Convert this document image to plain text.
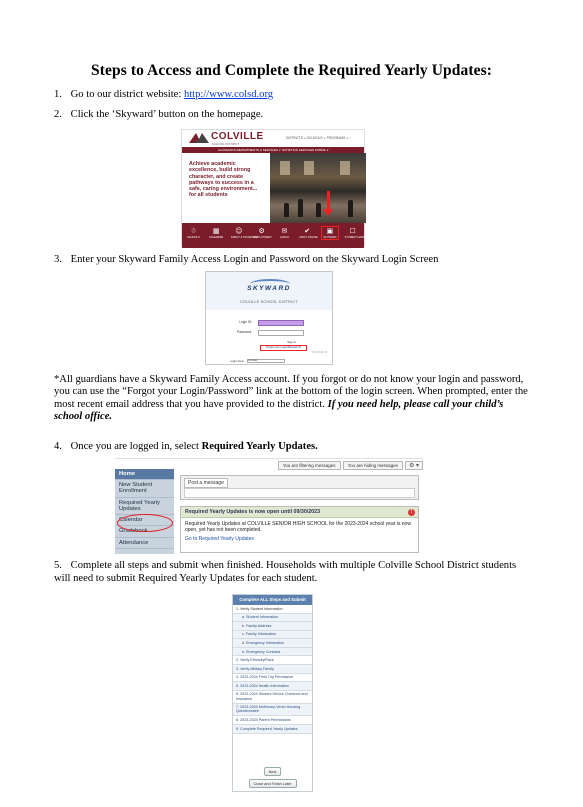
Steps to Access and Complete the Required Yearly Updates:
1. Go to our district website: http://www.colsd.org
2. Click the ‘Skyward’ button on the homepage.
COLVILLE
SCHOOL DISTRICT
DISTRICTS ∨ SCHOOLS ∨ PROGRAMS ∨ ⌕
ACADEMICS DEPARTMENTS & SERVICES ∨ NUTRITION SERVICES FORMS ∨
Achieve academic excellence, build strong character, and create pathways to success in a safe, caring environment... for all students
☃
SCHOOLS
▦
CALENDAR
☺
FAMILY & STUDENTS
⚙
EMPLOYMENT
✉
LUNCH
✔
APPLY ONLINE
▣
SKYWARD
☐
STUDENT HANDBOOK
3. Enter your Skyward Family Access Login and Password on the Skyward Login Screen
SKYWARD
COLVILLE SCHOOL DISTRICT
Login ID:
Password:
Sign In
Forgot your Login/Password?
05.23.06.00.10
Login Area: All Areas
*All guardians have a Skyward Family Access account. If you forgot or do not know your login and password, you can use the “Forgot your Login/Password” link at the bottom of the login screen. When prompted, enter the most recent email address that you have provided to the district. If you need help, please call your child’s school office.
4. Once you are logged in, select Required Yearly Updates.
You are filtering messages	You are hiding messages	⚙ ▾
Home
New Student Enrollment
Required Yearly Updates
Calendar
Gradebook
Attendance
Post a message
Required Yearly Updates is now open until 09/30/2023	!
Required Yearly Updates at COLVILLE SENIOR HIGH SCHOOL for the 2023-2024 school year is now open, yet has not been completed.
Go to Required Yearly Updates
5. Complete all steps and submit when finished. Households with multiple Colville School District students will need to submit Required Yearly Updates for each student.
Complete ALL Steps and Submit
1. Verify Student Information
a. Student Information
b. Family Address
c. Family Information
d. Emergency Information
e. Emergency Contacts
2. Verify Ethnicity/Race
3. Verify Military Family
4. 2023-2024 Field Trip Permission
5. 2023-2024 Health Information
6. 2023-2024 Student Device Checkout and Insurance
7. 2023-2024 McKinney-Vento Housing Questionnaire
8. 2023-2024 Parent Permissions
9. Complete Required Yearly Updates
Next
Close and Finish Later
